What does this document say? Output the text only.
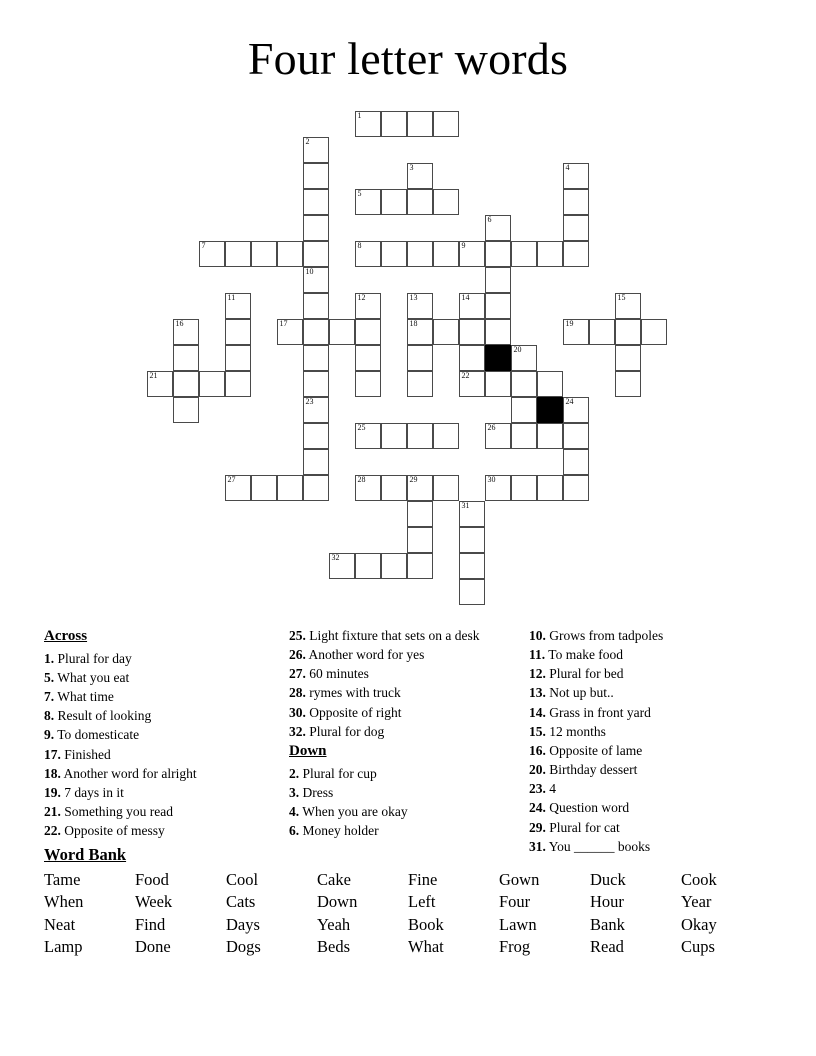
Four letter words
1
2
3	4
5
6
7	8	9
10
11	12	13	14	15
16	17	18	19
20
21	22
23	24
25	26
27	28	29	30
31
32
Across

1. Plural for day

5. What you eat

7. What time

8. Result of looking

9. To domesticate

17. Finished

18. Another word for alright

19. 7 days in it

21. Something you read

22. Opposite of messy

25. Light fixture that sets on a desk

26. Another word for yes

27. 60 minutes

28. rymes with truck

30. Opposite of right

32. Plural for dog

Down

2. Plural for cup

3. Dress

4. When you are okay

6. Money holder

10. Grows from tadpoles

11. To make food

12. Plural for bed

13. Not up but..

14. Grass in front yard

15. 12 months

16. Opposite of lame

20. Birthday dessert

23. 4

24. Question word

29. Plural for cat

31. You ______ books

Word Bank
Tame	Food	Cool	Cake	Fine	Gown	Duck	Cook
When	Week	Cats	Down	Left	Four	Hour	Year
Neat	Find	Days	Yeah	Book	Lawn	Bank	Okay
Lamp	Done	Dogs	Beds	What	Frog	Read	Cups
